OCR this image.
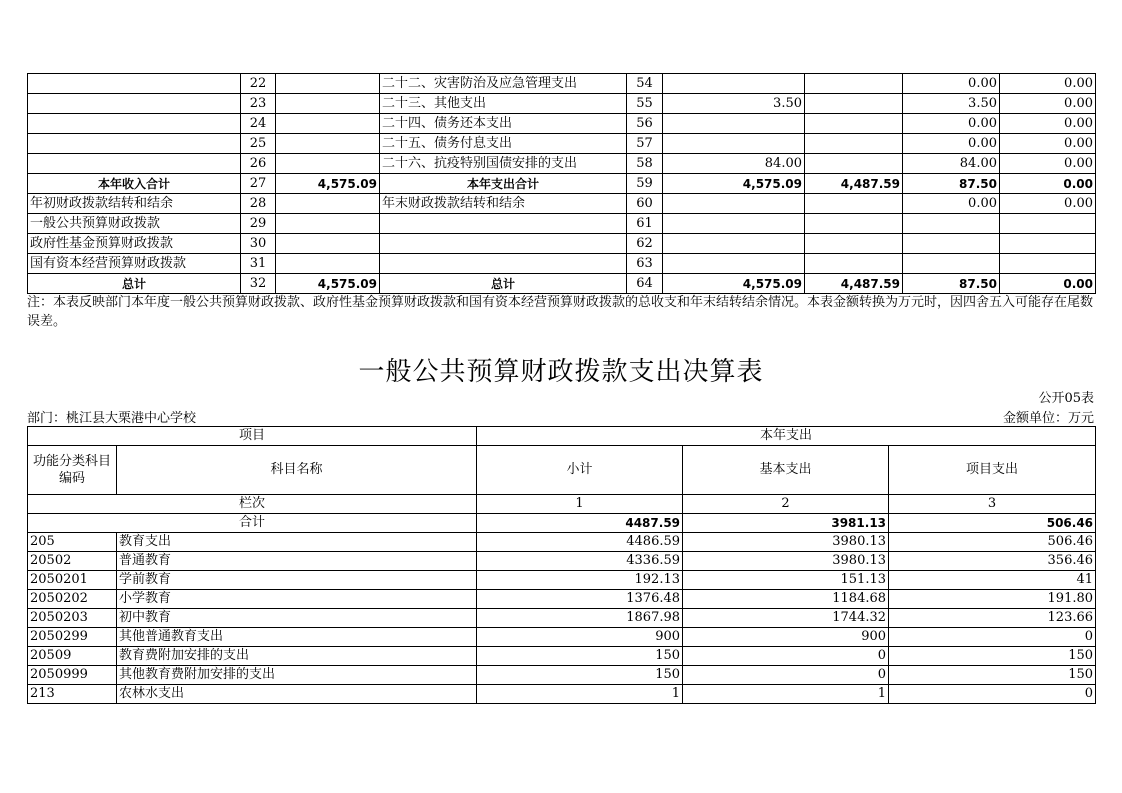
	22		二十二、灾害防治及应急管理支出	54			0.00	0.00
	23		二十三、其他支出	55	3.50		3.50	0.00
	24		二十四、债务还本支出	56			0.00	0.00
	25		二十五、债务付息支出	57			0.00	0.00
	26		二十六、抗疫特别国债安排的支出	58	84.00		84.00	0.00
本年收入合计	27	4,575.09	本年支出合计	59	4,575.09	4,487.59	87.50	0.00
年初财政拨款结转和结余	28		年末财政拨款结转和结余	60			0.00	0.00
一般公共预算财政拨款	29			61				
政府性基金预算财政拨款	30			62				
国有资本经营预算财政拨款	31			63				
总计	32	4,575.09	总计	64	4,575.09	4,487.59	87.50	0.00
注：本表反映部门本年度一般公共预算财政拨款、政府性基金预算财政拨款和国有资本经营预算财政拨款的总收支和年末结转结余情况。本表金额转换为万元时，因四舍五入可能存在尾数误差。
一般公共预算财政拨款支出决算表
公开05表
部门：桃江县大栗港中心学校	金额单位：万元
项目		本年支出		
功能分类科目编码	科目名称	小计	基本支出	项目支出
栏次		1	2	3
合计		4487.59	3981.13	506.46
205	教育支出	4486.59	3980.13	506.46
20502	普通教育	4336.59	3980.13	356.46
2050201	学前教育	192.13	151.13	41
2050202	小学教育	1376.48	1184.68	191.80
2050203	初中教育	1867.98	1744.32	123.66
2050299	其他普通教育支出	900	900	0
20509	教育费附加安排的支出	150	0	150
2050999	其他教育费附加安排的支出	150	0	150
213	农林水支出	1	1	0
